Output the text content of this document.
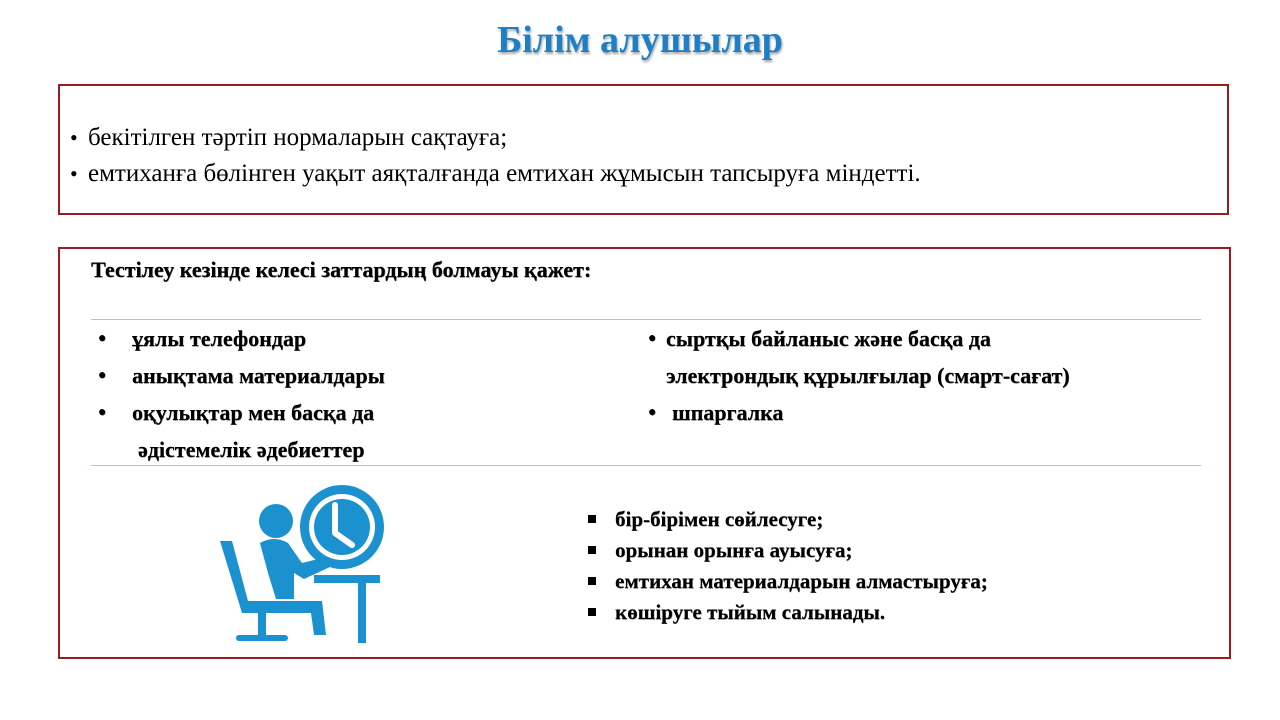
Білім алушылар
• бекітілген тәртіп нормаларын сақтауға;
• емтиханға бөлінген уақыт аяқталғанда емтихан жұмысын тапсыруға міндетті.
Тестілеу кезінде келесі заттардың болмауы қажет:
● ұялы телефондар
● анықтама материалдары
● оқулықтар мен басқа да
әдістемелік әдебиеттер
● сыртқы байланыс және басқа да
электрондық құрылғылар (смарт-сағат)
● шпаргалка
бір-бірімен сөйлесуге;
орынан орынға ауысуға;
емтихан материалдарын алмастыруға;
көшіруге тыйым салынады.
